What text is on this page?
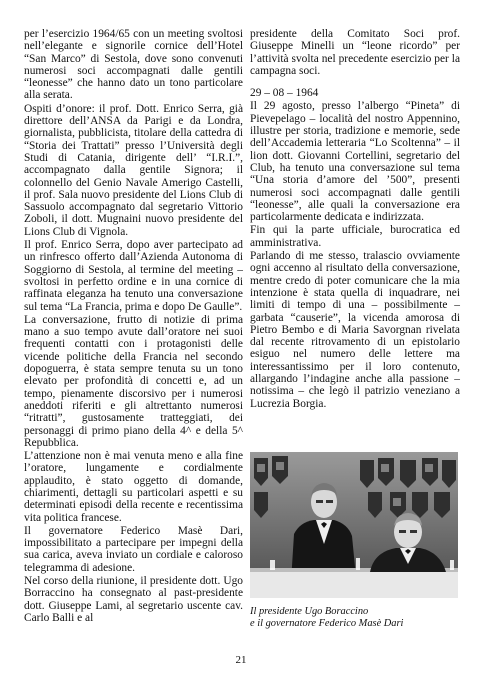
per l’esercizio 1964/65 con un meeting svoltosi nell’elegante e signorile cornice dell’Hotel “San Marco” di Sestola, dove sono convenuti numerosi soci accompagnati dalle gentili “leonesse” che hanno dato un tono particolare alla serata.

Ospiti d’onore: il prof. Dott. Enrico Serra, già direttore dell’ANSA da Parigi e da Londra, giornalista, pubblicista, titolare della cattedra di “Storia dei Trattati” presso l’Università degli Studi di Catania, dirigente dell’ “I.R.I.”, accompagnato dalla gentile Signora; il colonnello del Genio Navale Amerigo Castelli, il prof. Sala nuovo presidente del Lions Club di Sassuolo accompagnato dal segretario Vittorio Zoboli, il dott. Mugnaini nuovo presidente del Lions Club di Vignola.

Il prof. Enrico Serra, dopo aver partecipato ad un rinfresco offerto dall’Azienda Autonoma di Soggiorno di Sestola, al termine del meeting – svoltosi in perfetto ordine e in una cornice di raffinata eleganza ha tenuto una conversazione sul tema “La Francia, prima e dopo De Gaulle”.

La conversazione, frutto di notizie di prima mano a suo tempo avute dall’oratore nei suoi frequenti contatti con i protagonisti delle vicende politiche della Francia nel secondo dopoguerra, è stata sempre tenuta su un tono elevato per profondità di concetti e, ad un tempo, pienamente discorsivo per i numerosi aneddoti riferiti e gli altrettanto numerosi “ritratti”, gustosamente tratteggiati, dei personaggi di primo piano della 4^ e della 5^ Repubblica.

L’attenzione non è mai venuta meno e alla fine l’oratore, lungamente e cordialmente applaudito, è stato oggetto di domande, chiarimenti, dettagli su particolari aspetti e su determinati episodi della recente e recentissima vita politica francese.

Il governatore Federico Masè Dari, impossibilitato a partecipare per impegni della sua carica, aveva inviato un cordiale e caloroso telegramma di adesione.

Nel corso della riunione, il presidente dott. Ugo Borraccino ha consegnato al past-presidente dott. Giuseppe Lami, al segretario uscente cav. Carlo Balli e al

presidente della Comitato Soci prof. Giuseppe Minelli un “leone ricordo” per l’attività svolta nel precedente esercizio per la campagna soci.

29 – 08 – 1964

Il 29 agosto, presso l’albergo “Pineta” di Pievepelago – località del nostro Appennino, illustre per storia, tradizione e memorie, sede dell’Accademia letteraria “Lo Scoltenna” – il lion dott. Giovanni Cortellini, segretario del Club, ha tenuto una conversazione sul tema “Una storia d’amore del ’500”, presenti numerosi soci accompagnati dalle gentili “leonesse”, alle quali la conversazione era particolarmente dedicata e indirizzata.

Fin qui la parte ufficiale, burocratica ed amministrativa.

Parlando di me stesso, tralascio ovviamente ogni accenno al risultato della conversazione, mentre credo di poter comunicare che la mia intenzione è stata quella di inquadrare, nei limiti di tempo di una – possibilmente – garbata “causerie”, la vicenda amorosa di Pietro Bembo e di Maria Savorgnan rivelata dal recente ritrovamento di un epistolario esiguo nel numero delle lettere ma interessantissimo per il loro contenuto, allargando l’indagine anche alla passione – notissima – che legò il patrizio veneziano a Lucrezia Borgia.

Il presidente Ugo Boraccino
e il governatore Federico Masè Dari
21
